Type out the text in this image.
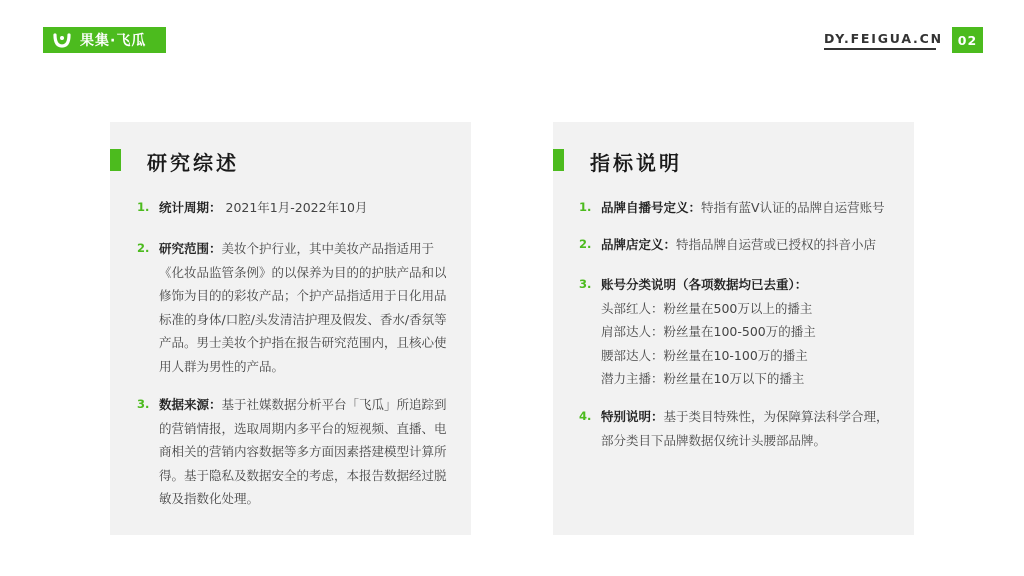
果集·飞瓜	DY.FEIGUA.CN	02
研究综述
1. 统计周期： 2021年1月-2022年10月
2. 研究范围：美妆个护行业，其中美妆产品指适用于《化妆品监管条例》的以保养为目的的护肤产品和以修饰为目的的彩妆产品；个护产品指适用于日化用品标准的身体/口腔/头发清洁护理及假发、香水/香氛等产品。男士美妆个护指在报告研究范围内，且核心使用人群为男性的产品。
3. 数据来源：基于社媒数据分析平台「飞瓜」所追踪到的营销情报，选取周期内多平台的短视频、直播、电商相关的营销内容数据等多方面因素搭建模型计算所得。基于隐私及数据安全的考虑，本报告数据经过脱敏及指数化处理。
指标说明
1. 品牌自播号定义：特指有蓝V认证的品牌自运营账号
2. 品牌店定义：特指品牌自运营或已授权的抖音小店
3. 账号分类说明（各项数据均已去重）：
头部红人：粉丝量在500万以上的播主
肩部达人：粉丝量在100-500万的播主
腰部达人：粉丝量在10-100万的播主
潜力主播：粉丝量在10万以下的播主
4. 特别说明：基于类目特殊性，为保障算法科学合理，部分类目下品牌数据仅统计头腰部品牌。
